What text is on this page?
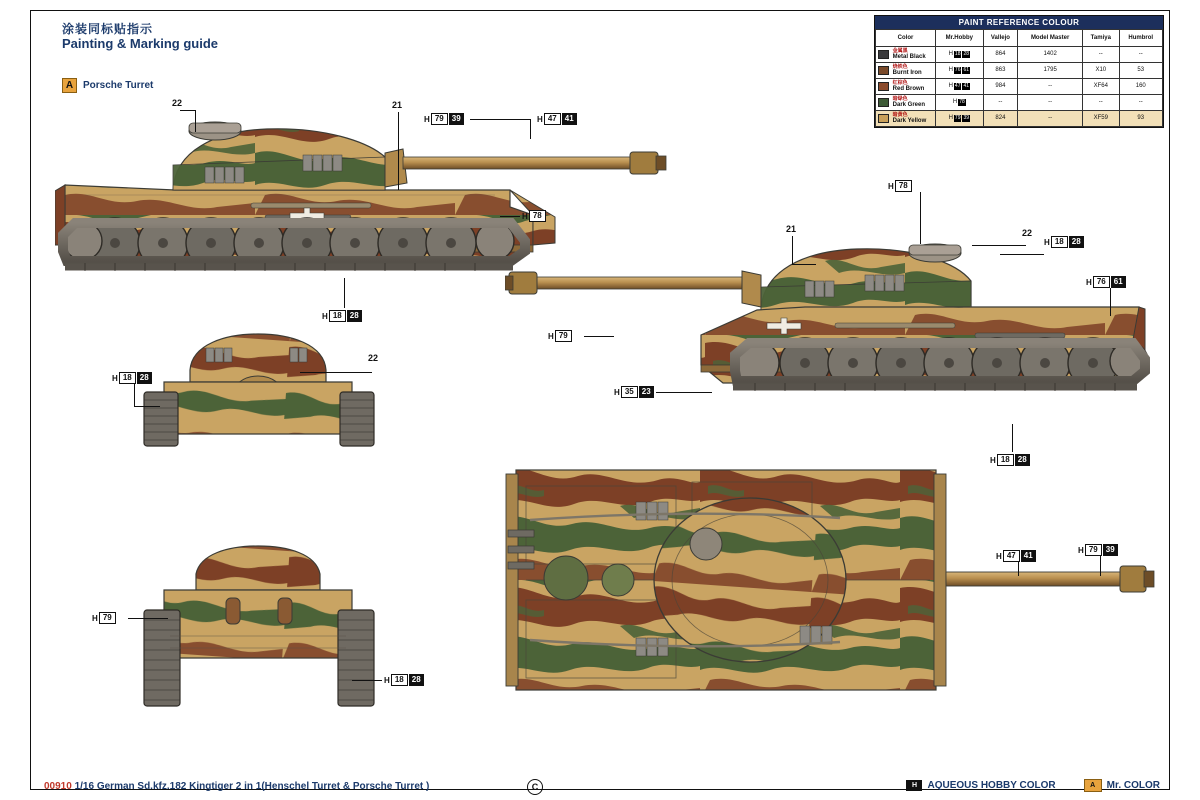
涂装同标贴指示
Painting & Marking guide
A Porsche Turret
PAINT REFERENCE COLOUR
Color	Mr.Hobby	Vallejo	Model Master	Tamiya	Humbrol

金属黑
Metal Black	H 18 28	864	1402	--	--

烧铁色
Burnt Iron	H 76 61	863	1795	X10	53

红棕色
Red Brown	H 47 41	984	--	XF64	160

暗绿色
Dark Green	H 78	--	--	--	--

暗黄色
Dark Yellow	H 79 39	824	--	XF59	93
22	21
H 79	39	H 47	41
H 78
H 18	28
22
H 18	28
H 79
H 18	28
H 78
21	22
H 18	28
H 76	61
H 79
H 35	23
H 18	28
H 47	41
H 79	39
00910 1/16 German Sd.kfz.182 Kingtiger 2 in 1(Henschel Turret & Porsche Turret )	C	H	AQUEOUS HOBBY COLOR	A	Mr. COLOR
